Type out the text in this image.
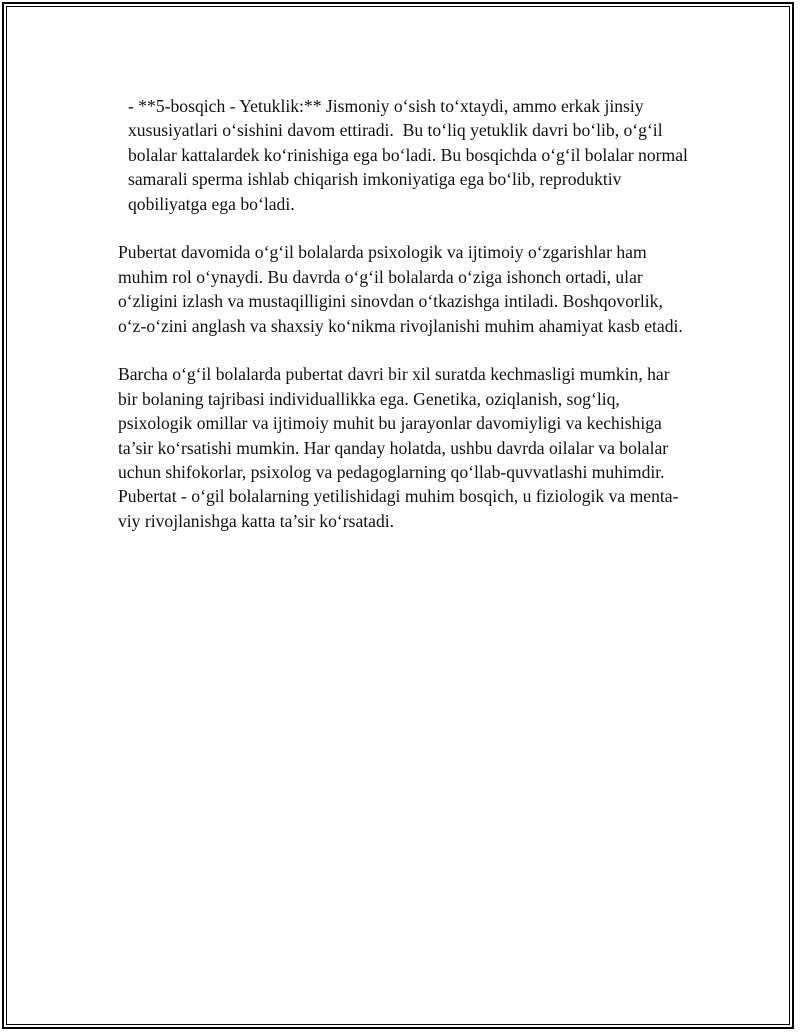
- **5-bosqich - Yetuklik:** Jismoniy o‘sish to‘xtaydi, ammo erkak jinsiy xususiyatlari o‘sishini davom ettiradi.  Bu to‘liq yetuklik davri bo‘lib, o‘g‘il bolalar kattalardek ko‘rinishiga ega bo‘ladi. Bu bosqichda o‘g‘il bolalar normal samarali sperma ishlab chiqarish imkoniyatiga ega bo‘lib, reproduktiv qobiliyatga ega bo‘ladi.

Pubertat davomida o‘g‘il bolalarda psixologik va ijtimoiy o‘zgarishlar ham muhim rol o‘ynaydi. Bu davrda o‘g‘il bolalarda o‘ziga ishonch ortadi, ular o‘zligini izlash va mustaqilligini sinovdan o‘tkazishga intiladi. Boshqovorlik, o‘z-o‘zini anglash va shaxsiy ko‘nikma rivojlanishi muhim ahamiyat kasb etadi.

Barcha o‘g‘il bolalarda pubertat davri bir xil suratda kechmasligi mumkin, har bir bolaning tajribasi individuallikka ega. Genetika, oziqlanish, sog‘liq, psixologik omillar va ijtimoiy muhit bu jarayonlar davomiyligi va kechishiga ta’sir ko‘rsatishi mumkin. Har qanday holatda, ushbu davrda oilalar va bolalar uchun shifokorlar, psixolog va pedagoglarning qo‘llab-quvvatlashi muhimdir. Pubertat - o‘gil bolalarning yetilishidagi muhim bosqich, u fiziologik va menta-viy rivojlanishga katta ta’sir ko‘rsatadi.
